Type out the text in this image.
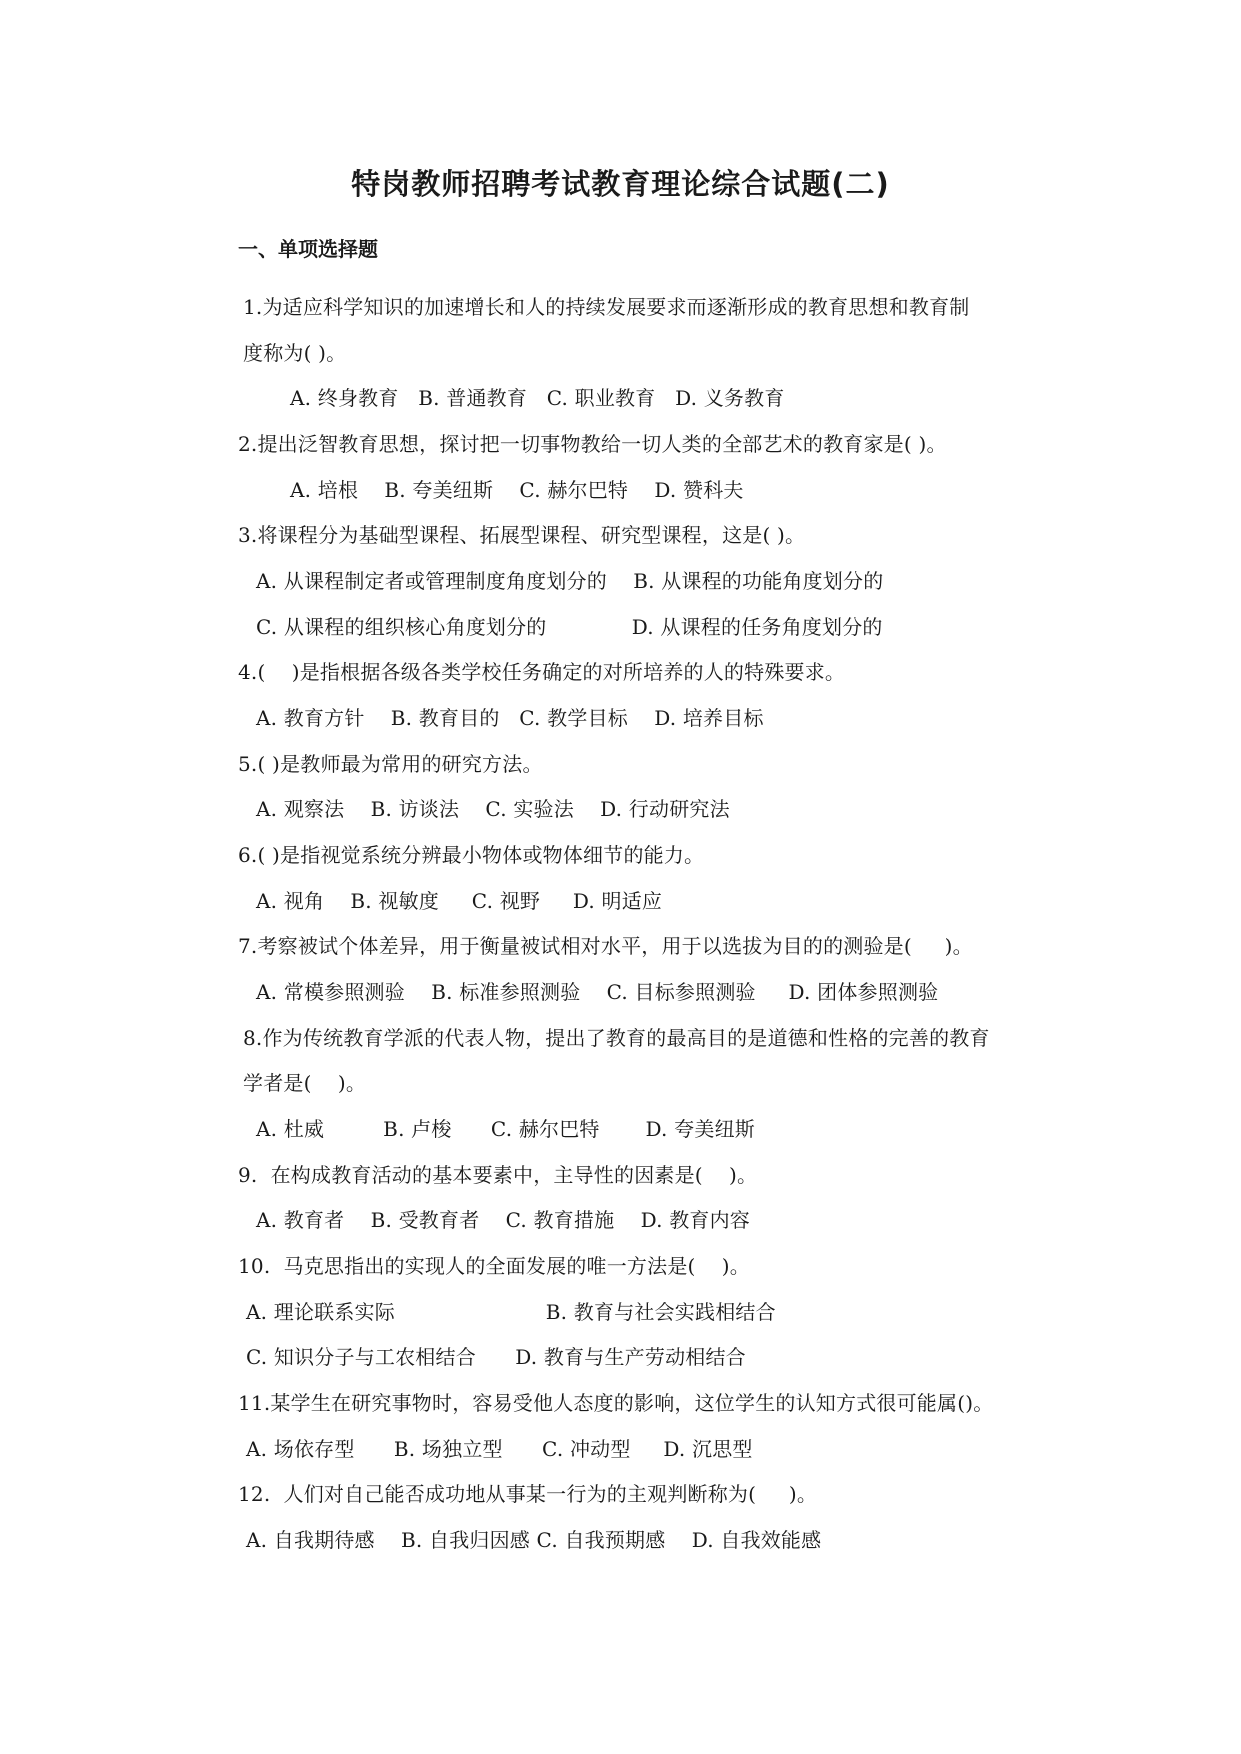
特岗教师招聘考试教育理论综合试题(二)
一、单项选择题
1.为适应科学知识的加速增长和人的持续发展要求而逐渐形成的教育思想和教育制
度称为( )。
A. 终身教育   B. 普通教育   C. 职业教育   D. 义务教育
2.提出泛智教育思想，探讨把一切事物教给一切人类的全部艺术的教育家是( )。
A. 培根    B. 夸美纽斯    C. 赫尔巴特    D. 赞科夫
3.将课程分为基础型课程、拓展型课程、研究型课程，这是( )。
A. 从课程制定者或管理制度角度划分的    B. 从课程的功能角度划分的
C. 从课程的组织核心角度划分的             D. 从课程的任务角度划分的
4.(    )是指根据各级各类学校任务确定的对所培养的人的特殊要求。
A. 教育方针    B. 教育目的   C. 教学目标    D. 培养目标
5.( )是教师最为常用的研究方法。
A. 观察法    B. 访谈法    C. 实验法    D. 行动研究法
6.( )是指视觉系统分辨最小物体或物体细节的能力。
A. 视角    B. 视敏度     C. 视野     D. 明适应
7.考察被试个体差异，用于衡量被试相对水平，用于以选拔为目的的测验是(     )。
A. 常模参照测验    B. 标准参照测验    C. 目标参照测验     D. 团体参照测验
8.作为传统教育学派的代表人物，提出了教育的最高目的是道德和性格的完善的教育
学者是(    )。
A. 杜威         B. 卢梭      C. 赫尔巴特       D. 夸美纽斯
9.  在构成教育活动的基本要素中，主导性的因素是(    )。
A. 教育者    B. 受教育者    C. 教育措施    D. 教育内容
10.  马克思指出的实现人的全面发展的唯一方法是(    )。
A. 理论联系实际                       B. 教育与社会实践相结合
C. 知识分子与工农相结合      D. 教育与生产劳动相结合
11.某学生在研究事物时，容易受他人态度的影响，这位学生的认知方式很可能属()。
A. 场依存型      B. 场独立型      C. 冲动型     D. 沉思型
12.  人们对自己能否成功地从事某一行为的主观判断称为(     )。
A. 自我期待感    B. 自我归因感 C. 自我预期感    D. 自我效能感
